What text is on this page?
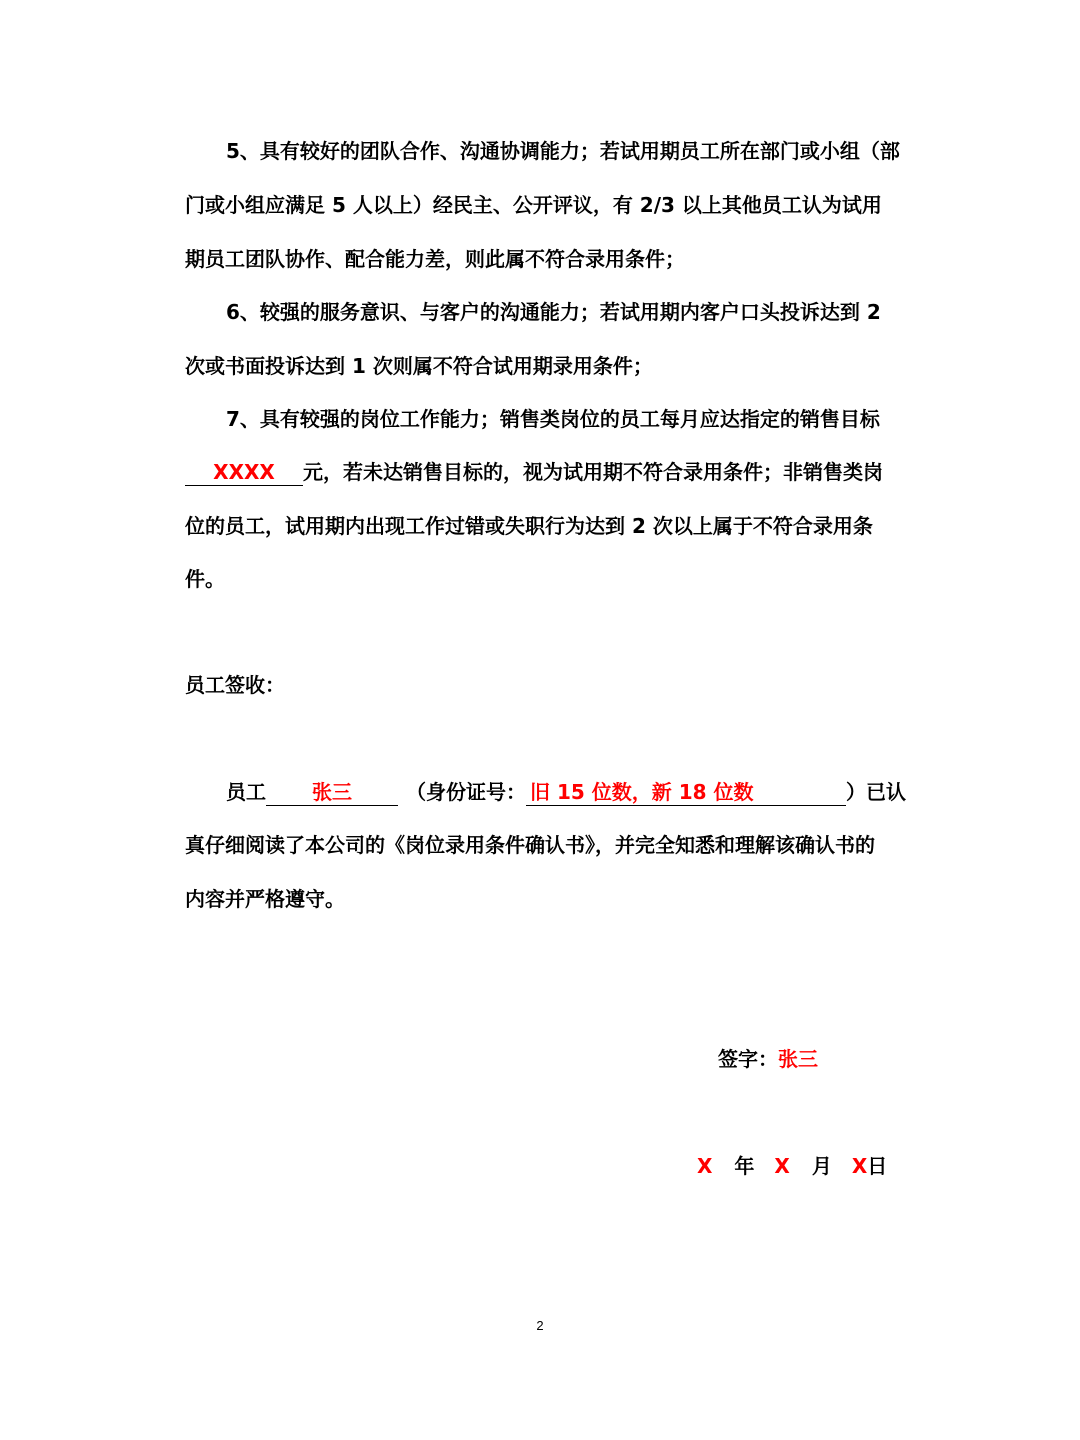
5、具有较好的团队合作、沟通协调能力；若试用期员工所在部门或小组（部
门或小组应满足 5 人以上）经民主、公开评议，有 2/3 以上其他员工认为试用
期员工团队协作、配合能力差，则此属不符合录用条件；
6、较强的服务意识、与客户的沟通能力；若试用期内客户口头投诉达到 2
次或书面投诉达到 1 次则属不符合试用期录用条件；
7、具有较强的岗位工作能力；销售类岗位的员工每月应达指定的销售目标
XXXX 元，若未达销售目标的，视为试用期不符合录用条件；非销售类岗
位的员工，试用期内出现工作过错或失职行为达到 2 次以上属于不符合录用条
件。
员工签收：
员工 张三	（身份证号： 旧 15 位数，新 18 位数	）已认
真仔细阅读了本公司的《岗位录用条件确认书》，并完全知悉和理解该确认书的
内容并严格遵守。
签字：张三
X 年 X 月 X日
2
